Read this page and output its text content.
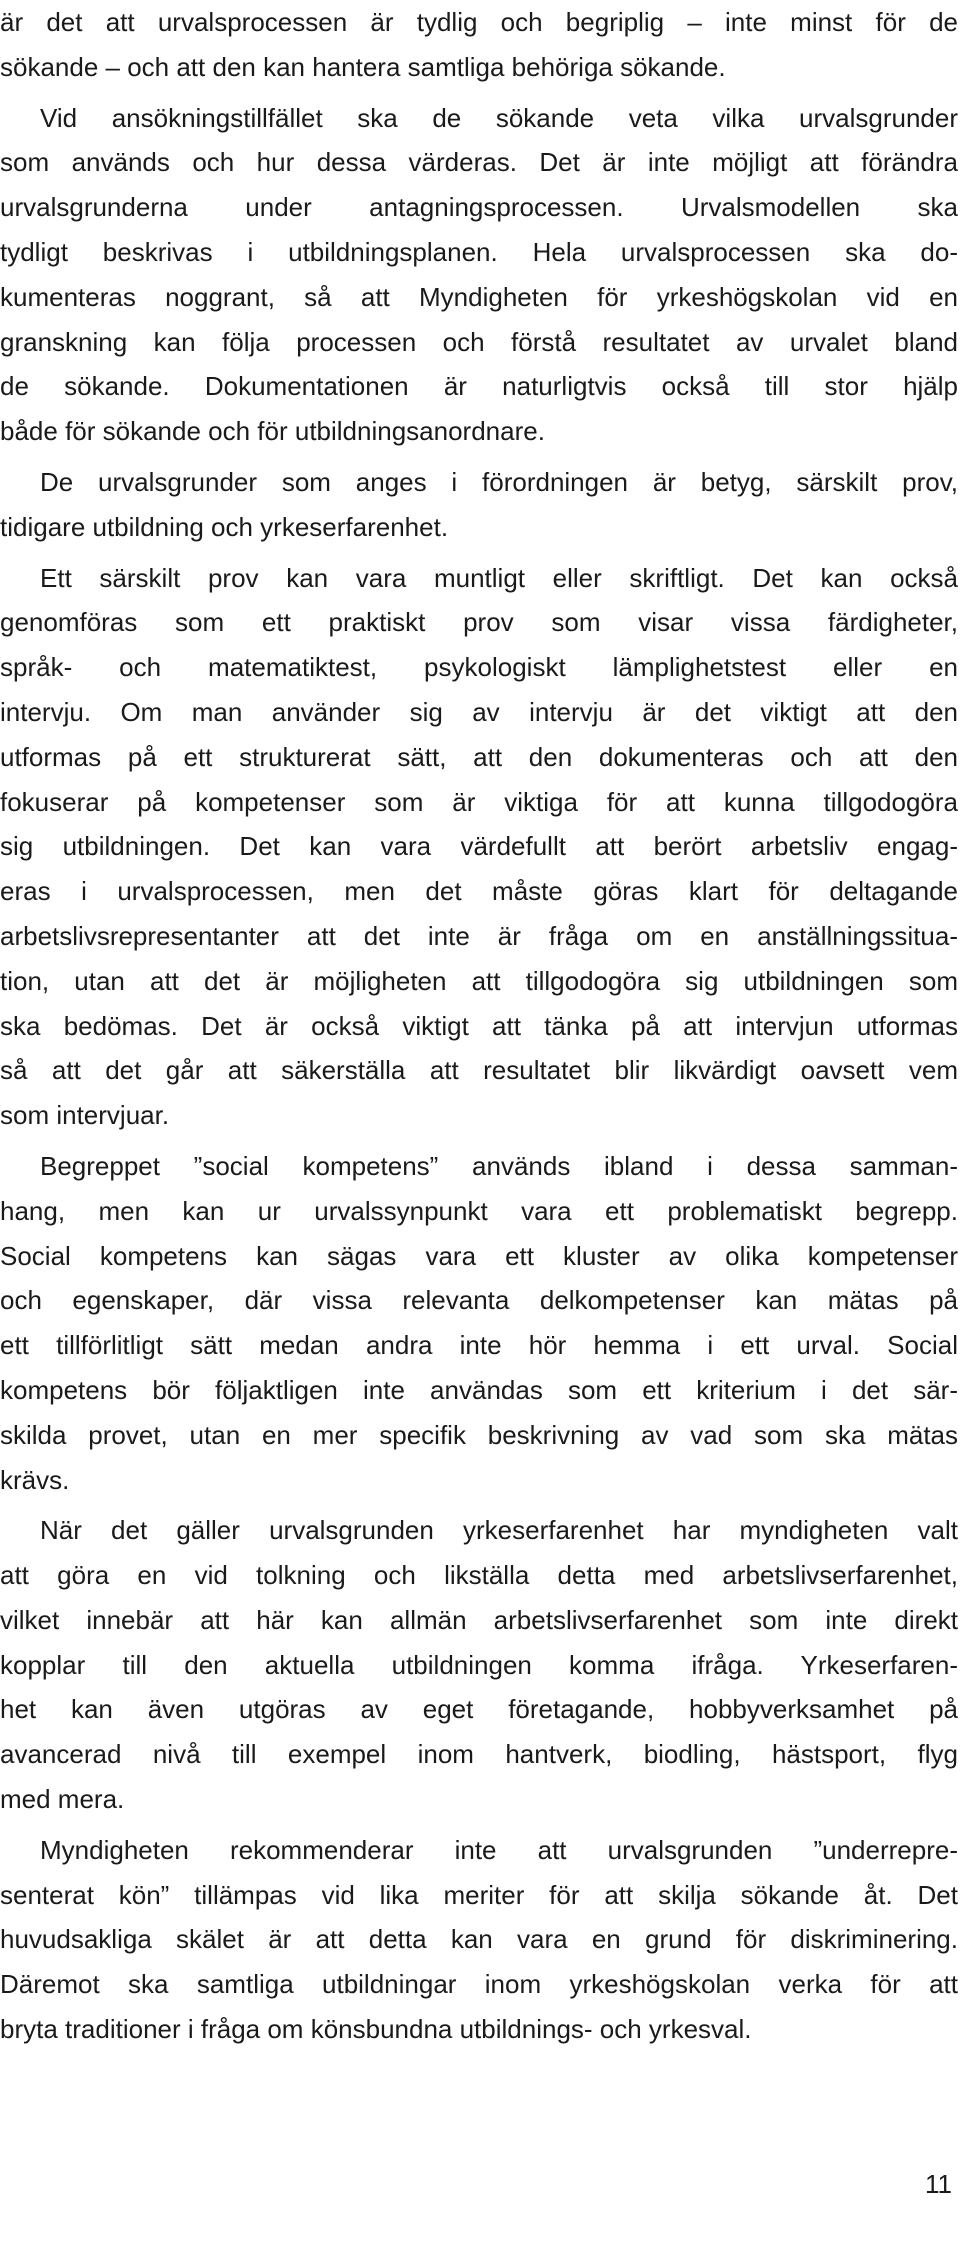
är det att urvalsprocessen är tydlig och begriplig – inte minst för de
sökande – och att den kan hantera samtliga behöriga sökande.
Vid ansökningstillfället ska de sökande veta vilka urvalsgrunder
som används och hur dessa värderas. Det är inte möjligt att förändra
urvalsgrunderna under antagningsprocessen. Urvalsmodellen ska
tydligt beskrivas i utbildningsplanen. Hela urvalsprocessen ska do-
kumenteras noggrant, så att Myndigheten för yrkeshögskolan vid en
granskning kan följa processen och förstå resultatet av urvalet bland
de sökande. Dokumentationen är naturligtvis också till stor hjälp
både för sökande och för utbildningsanordnare.
De urvalsgrunder som anges i förordningen är betyg, särskilt prov,
tidigare utbildning och yrkeserfarenhet.
Ett särskilt prov kan vara muntligt eller skriftligt. Det kan också
genomföras som ett praktiskt prov som visar vissa färdigheter,
språk- och matematiktest, psykologiskt lämplighetstest eller en
intervju. Om man använder sig av intervju är det viktigt att den
utformas på ett strukturerat sätt, att den dokumenteras och att den
fokuserar på kompetenser som är viktiga för att kunna tillgodogöra
sig utbildningen. Det kan vara värdefullt att berört arbetsliv engag-
eras i urvalsprocessen, men det måste göras klart för deltagande
arbetslivsrepresentanter att det inte är fråga om en anställningssitua-
tion, utan att det är möjligheten att tillgodogöra sig utbildningen som
ska bedömas. Det är också viktigt att tänka på att intervjun utformas
så att det går att säkerställa att resultatet blir likvärdigt oavsett vem
som intervjuar.
Begreppet ”social kompetens” används ibland i dessa samman-
hang, men kan ur urvalssynpunkt vara ett problematiskt begrepp.
Social kompetens kan sägas vara ett kluster av olika kompetenser
och egenskaper, där vissa relevanta delkompetenser kan mätas på
ett tillförlitligt sätt medan andra inte hör hemma i ett urval. Social
kompetens bör följaktligen inte användas som ett kriterium i det sär-
skilda provet, utan en mer specifik beskrivning av vad som ska mätas
krävs.
När det gäller urvalsgrunden yrkeserfarenhet har myndigheten valt
att göra en vid tolkning och likställa detta med arbetslivserfarenhet,
vilket innebär att här kan allmän arbetslivserfarenhet som inte direkt
kopplar till den aktuella utbildningen komma ifråga. Yrkeserfaren-
het kan även utgöras av eget företagande, hobbyverksamhet på
avancerad nivå till exempel inom hantverk, biodling, hästsport, flyg
med mera.
Myndigheten rekommenderar inte att urvalsgrunden ”underrepre-
senterat kön” tillämpas vid lika meriter för att skilja sökande åt. Det
huvudsakliga skälet är att detta kan vara en grund för diskriminering.
Däremot ska samtliga utbildningar inom yrkeshögskolan verka för att
bryta traditioner i fråga om könsbundna utbildnings- och yrkesval.
11
